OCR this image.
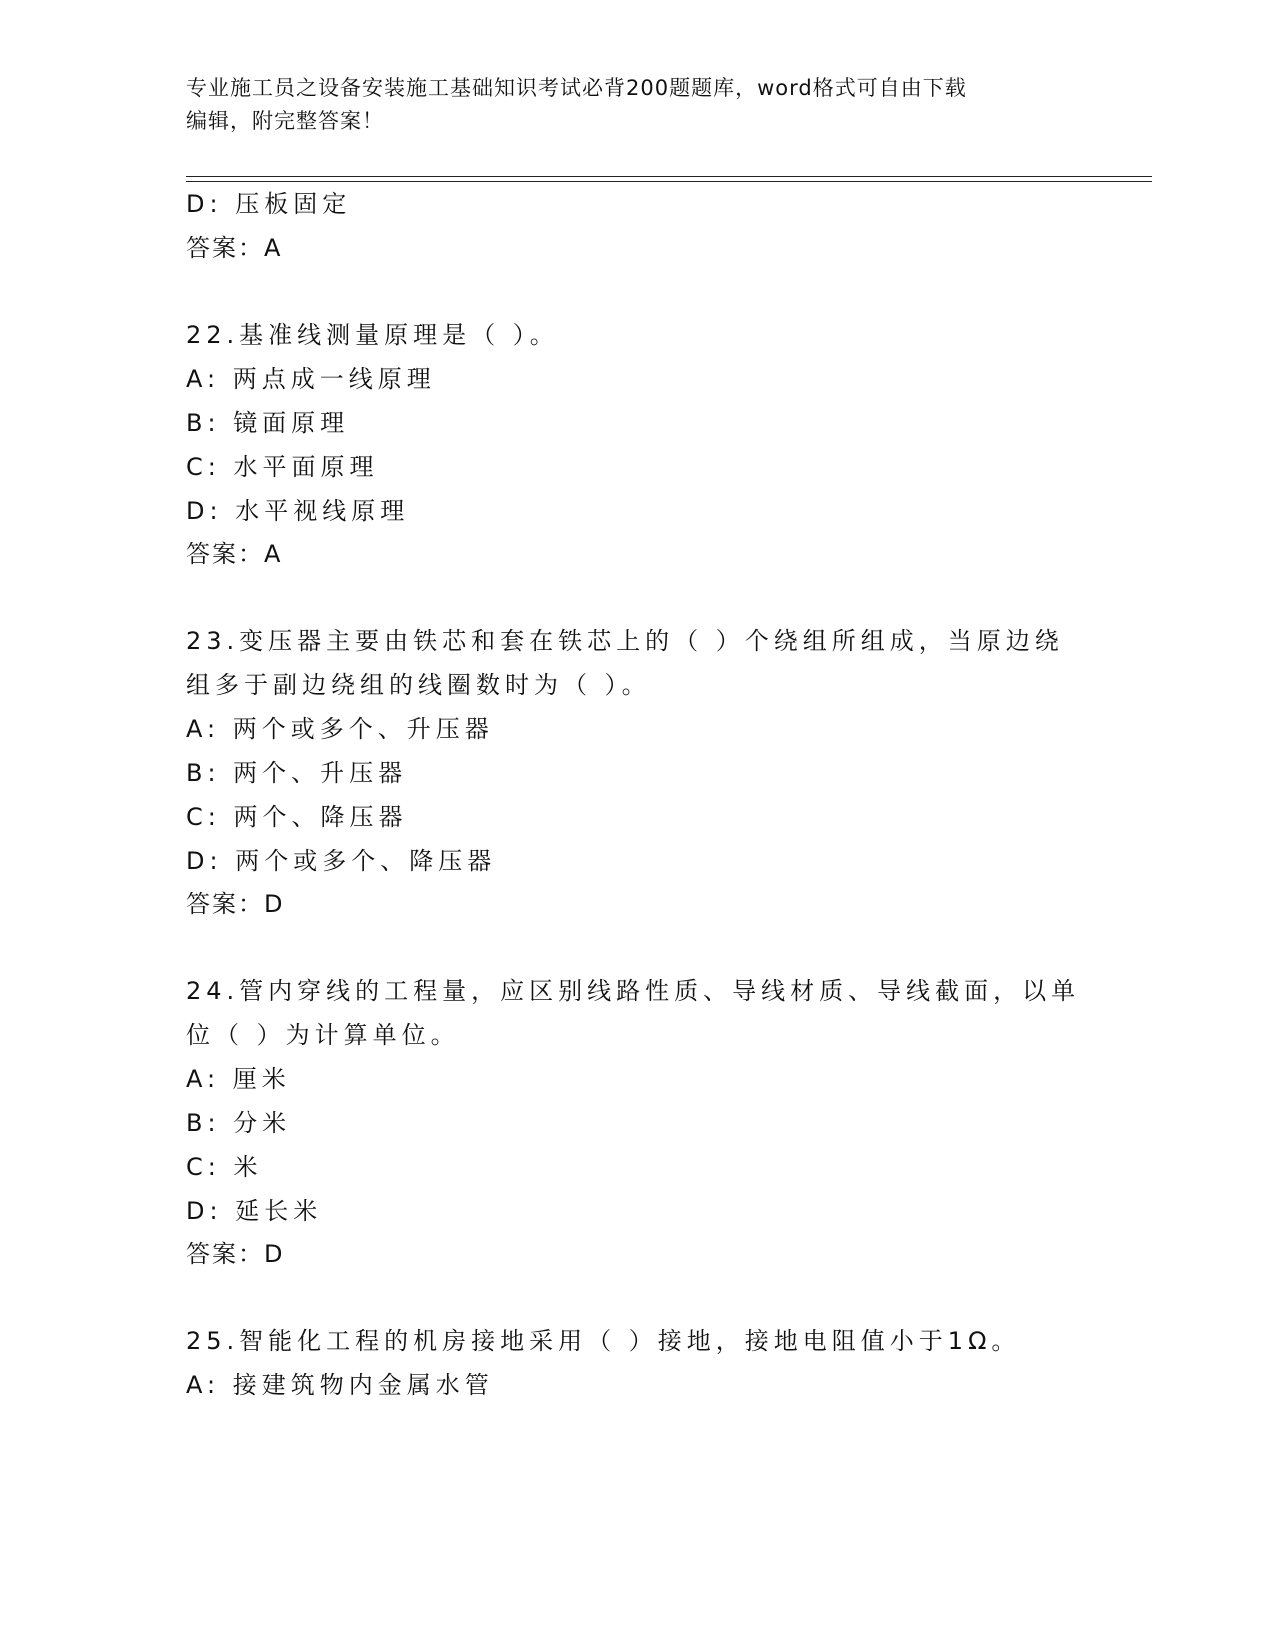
专业施工员之设备安装施工基础知识考试必背200题题库，word格式可自由下载
编辑，附完整答案！
D: 压板固定
答案：A
22.基准线测量原理是（ ）。
A: 两点成一线原理
B: 镜面原理
C: 水平面原理
D: 水平视线原理
答案：A
23.变压器主要由铁芯和套在铁芯上的（ ）个绕组所组成，当原边绕
组多于副边绕组的线圈数时为（ ）。
A: 两个或多个、升压器
B: 两个、升压器
C: 两个、降压器
D: 两个或多个、降压器
答案：D
24.管内穿线的工程量，应区别线路性质、导线材质、导线截面，以单
位（ ）为计算单位。
A: 厘米
B: 分米
C: 米
D: 延长米
答案：D
25.智能化工程的机房接地采用（ ）接地，接地电阻值小于1Ω。
A: 接建筑物内金属水管
